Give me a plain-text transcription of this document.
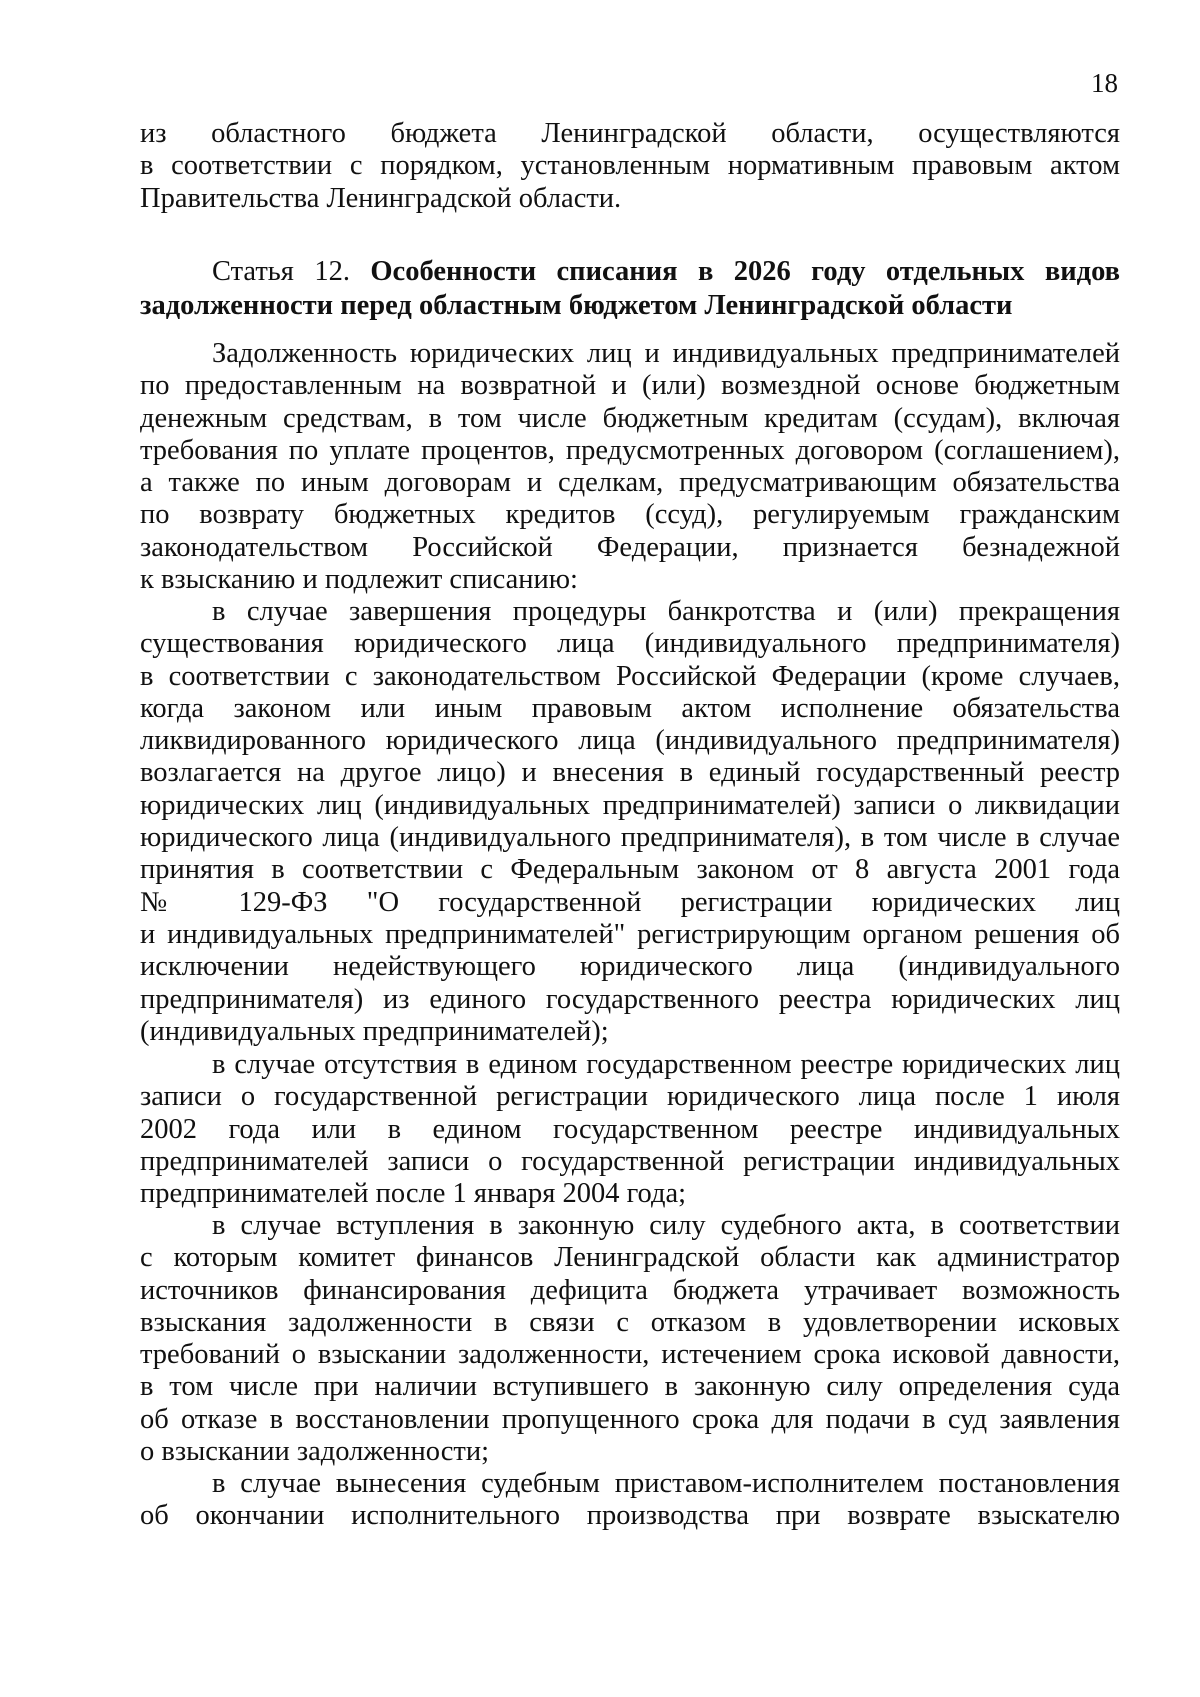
18
из областного бюджета Ленинградской области, осуществляются
в соответствии с порядком, установленным нормативным правовым актом
Правительства Ленинградской области.
Статья 12. Особенности списания в 2026 году отдельных видов
задолженности перед областным бюджетом Ленинградской области
Задолженность юридических лиц и индивидуальных предпринимателей
по предоставленным на возвратной и (или) возмездной основе бюджетным
денежным средствам, в том числе бюджетным кредитам (ссудам), включая
требования по уплате процентов, предусмотренных договором (соглашением),
а также по иным договорам и сделкам, предусматривающим обязательства
по возврату бюджетных кредитов (ссуд), регулируемым гражданским
законодательством Российской Федерации, признается безнадежной
к взысканию и подлежит списанию:
в случае завершения процедуры банкротства и (или) прекращения
существования юридического лица (индивидуального предпринимателя)
в соответствии с законодательством Российской Федерации (кроме случаев,
когда законом или иным правовым актом исполнение обязательства
ликвидированного юридического лица (индивидуального предпринимателя)
возлагается на другое лицо) и внесения в единый государственный реестр
юридических лиц (индивидуальных предпринимателей) записи о ликвидации
юридического лица (индивидуального предпринимателя), в том числе в случае
принятия в соответствии с Федеральным законом от 8 августа 2001 года
№ 129-ФЗ "О государственной регистрации юридических лиц
и индивидуальных предпринимателей" регистрирующим органом решения об
исключении недействующего юридического лица (индивидуального
предпринимателя) из единого государственного реестра юридических лиц
(индивидуальных предпринимателей);
в случае отсутствия в едином государственном реестре юридических лиц
записи о государственной регистрации юридического лица после 1 июля
2002 года или в едином государственном реестре индивидуальных
предпринимателей записи о государственной регистрации индивидуальных
предпринимателей после 1 января 2004 года;
в случае вступления в законную силу судебного акта, в соответствии
с которым комитет финансов Ленинградской области как администратор
источников финансирования дефицита бюджета утрачивает возможность
взыскания задолженности в связи с отказом в удовлетворении исковых
требований о взыскании задолженности, истечением срока исковой давности,
в том числе при наличии вступившего в законную силу определения суда
об отказе в восстановлении пропущенного срока для подачи в суд заявления
о взыскании задолженности;
в случае вынесения судебным приставом-исполнителем постановления
об окончании исполнительного производства при возврате взыскателю
